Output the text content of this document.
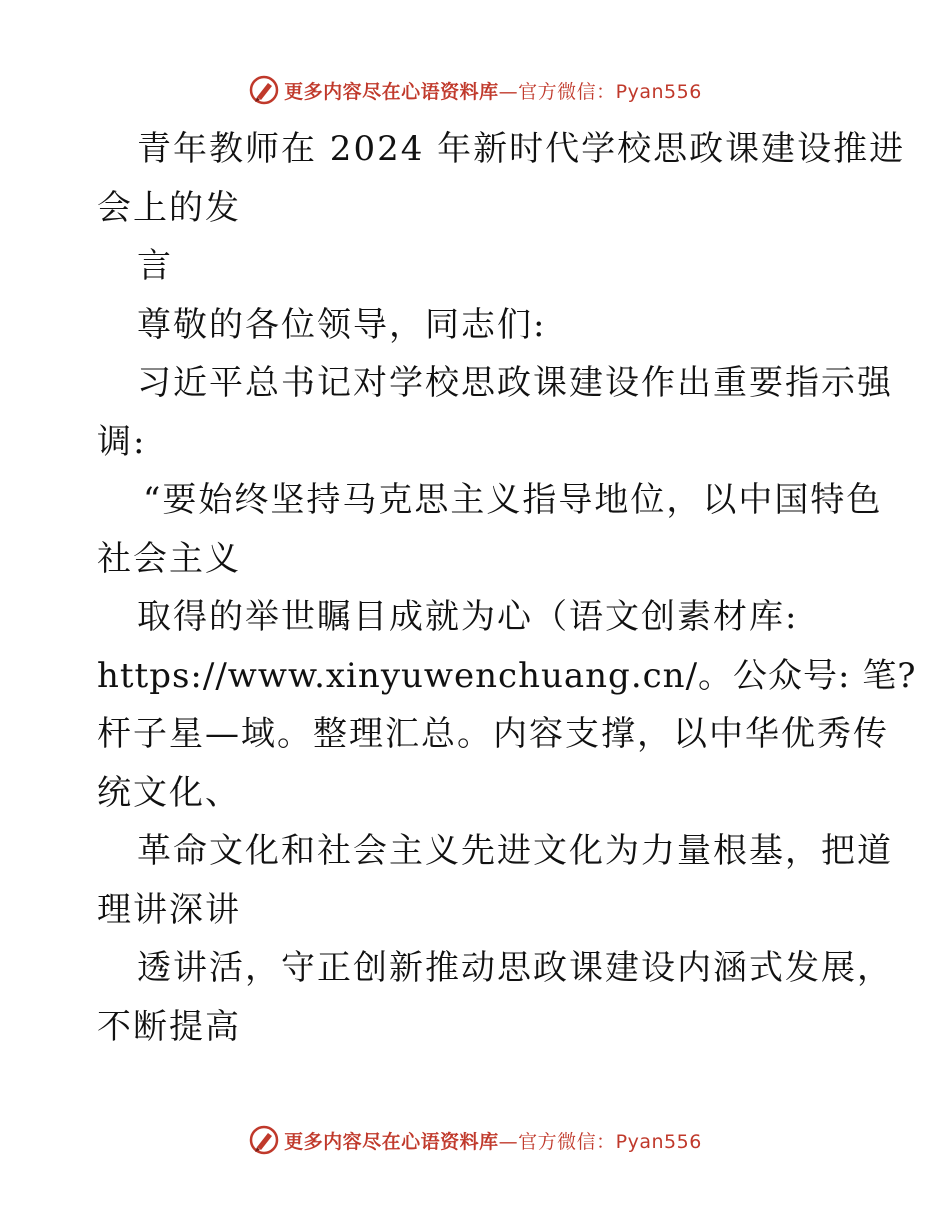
更多内容尽在心语资料库 —官方微信：Pyan556

青年教师在 2024 年新时代学校思政课建设推进

会上的发

言

尊敬的各位领导，同志们:

习近平总书记对学校思政课建设作出重要指示强

调:

“要始终坚持马克思主义指导地位，以中国特色

社会主义

取得的举世瞩目成就为心（语文创素材库:

https://www.xinyuwenchuang.cn/。公众号: 笔?

杆子星—域。整理汇总。内容支撑，以中华优秀传

统文化、

革命文化和社会主义先进文化为力量根基，把道

理讲深讲

透讲活，守正创新推动思政课建设内涵式发展，

不断提高

更多内容尽在心语资料库 —官方微信：Pyan556
